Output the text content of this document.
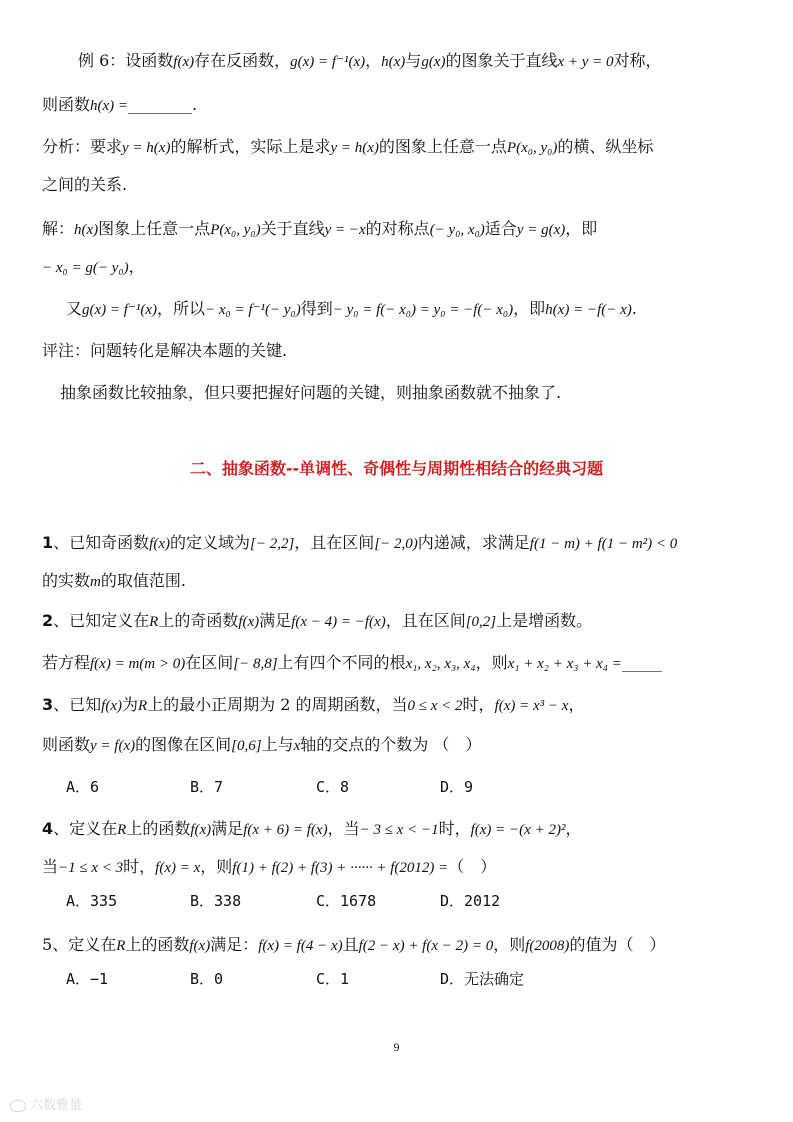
例 6：设函数f(x)存在反函数，g(x) = f⁻¹(x)，h(x)与g(x)的图象关于直线x + y = 0对称，
则函数h(x) =________.
分析：要求y = h(x)的解析式，实际上是求y = h(x)的图象上任意一点P(x₀, y₀)的横、纵坐标
之间的关系.
解：h(x)图象上任意一点P(x₀, y₀)关于直线y = −x的对称点(− y₀, x₀)适合y = g(x)，即
− x₀ = g(− y₀)，
又g(x) = f⁻¹(x)，所以− x₀ = f⁻¹(− y₀)得到− y₀ = f(− x₀) = y₀ = −f(− x₀)，即h(x) = −f(− x).
评注：问题转化是解决本题的关键.
抽象函数比较抽象，但只要把握好问题的关键，则抽象函数就不抽象了.
二、抽象函数--单调性、奇偶性与周期性相结合的经典习题
1、已知奇函数f(x)的定义域为[− 2,2]，且在区间[− 2,0)内递减，求满足f(1 − m) + f(1 − m²) < 0
的实数m的取值范围.
2、已知定义在R上的奇函数f(x)满足f(x − 4) = −f(x)，且在区间[0,2]上是增函数。
若方程f(x) = m(m > 0)在区间[− 8,8]上有四个不同的根x₁, x₂, x₃, x₄，则x₁ + x₂ + x₃ + x₄ =_____
3、已知f(x)为R上的最小正周期为 2 的周期函数，当0 ≤ x < 2时，f(x) = x³ − x，
则函数y = f(x)的图像在区间[0,6]上与x轴的交点的个数为 （　）
A．6	B．7	C．8	D．9
4、定义在R上的函数f(x)满足f(x + 6) = f(x)，当− 3 ≤ x < −1时，f(x) = −(x + 2)²，
当−1 ≤ x < 3时，f(x) = x，则f(1) + f(2) + f(3) + ······ + f(2012) =（　）
A．335	B．338	C．1678	D．2012
5、定义在R上的函数f(x)满足：f(x) = f(4 − x)且f(2 − x) + f(x − 2) = 0，则f(2008)的值为（　）
A．−1	B．0	C．1	D．无法确定
9
六数雅量
